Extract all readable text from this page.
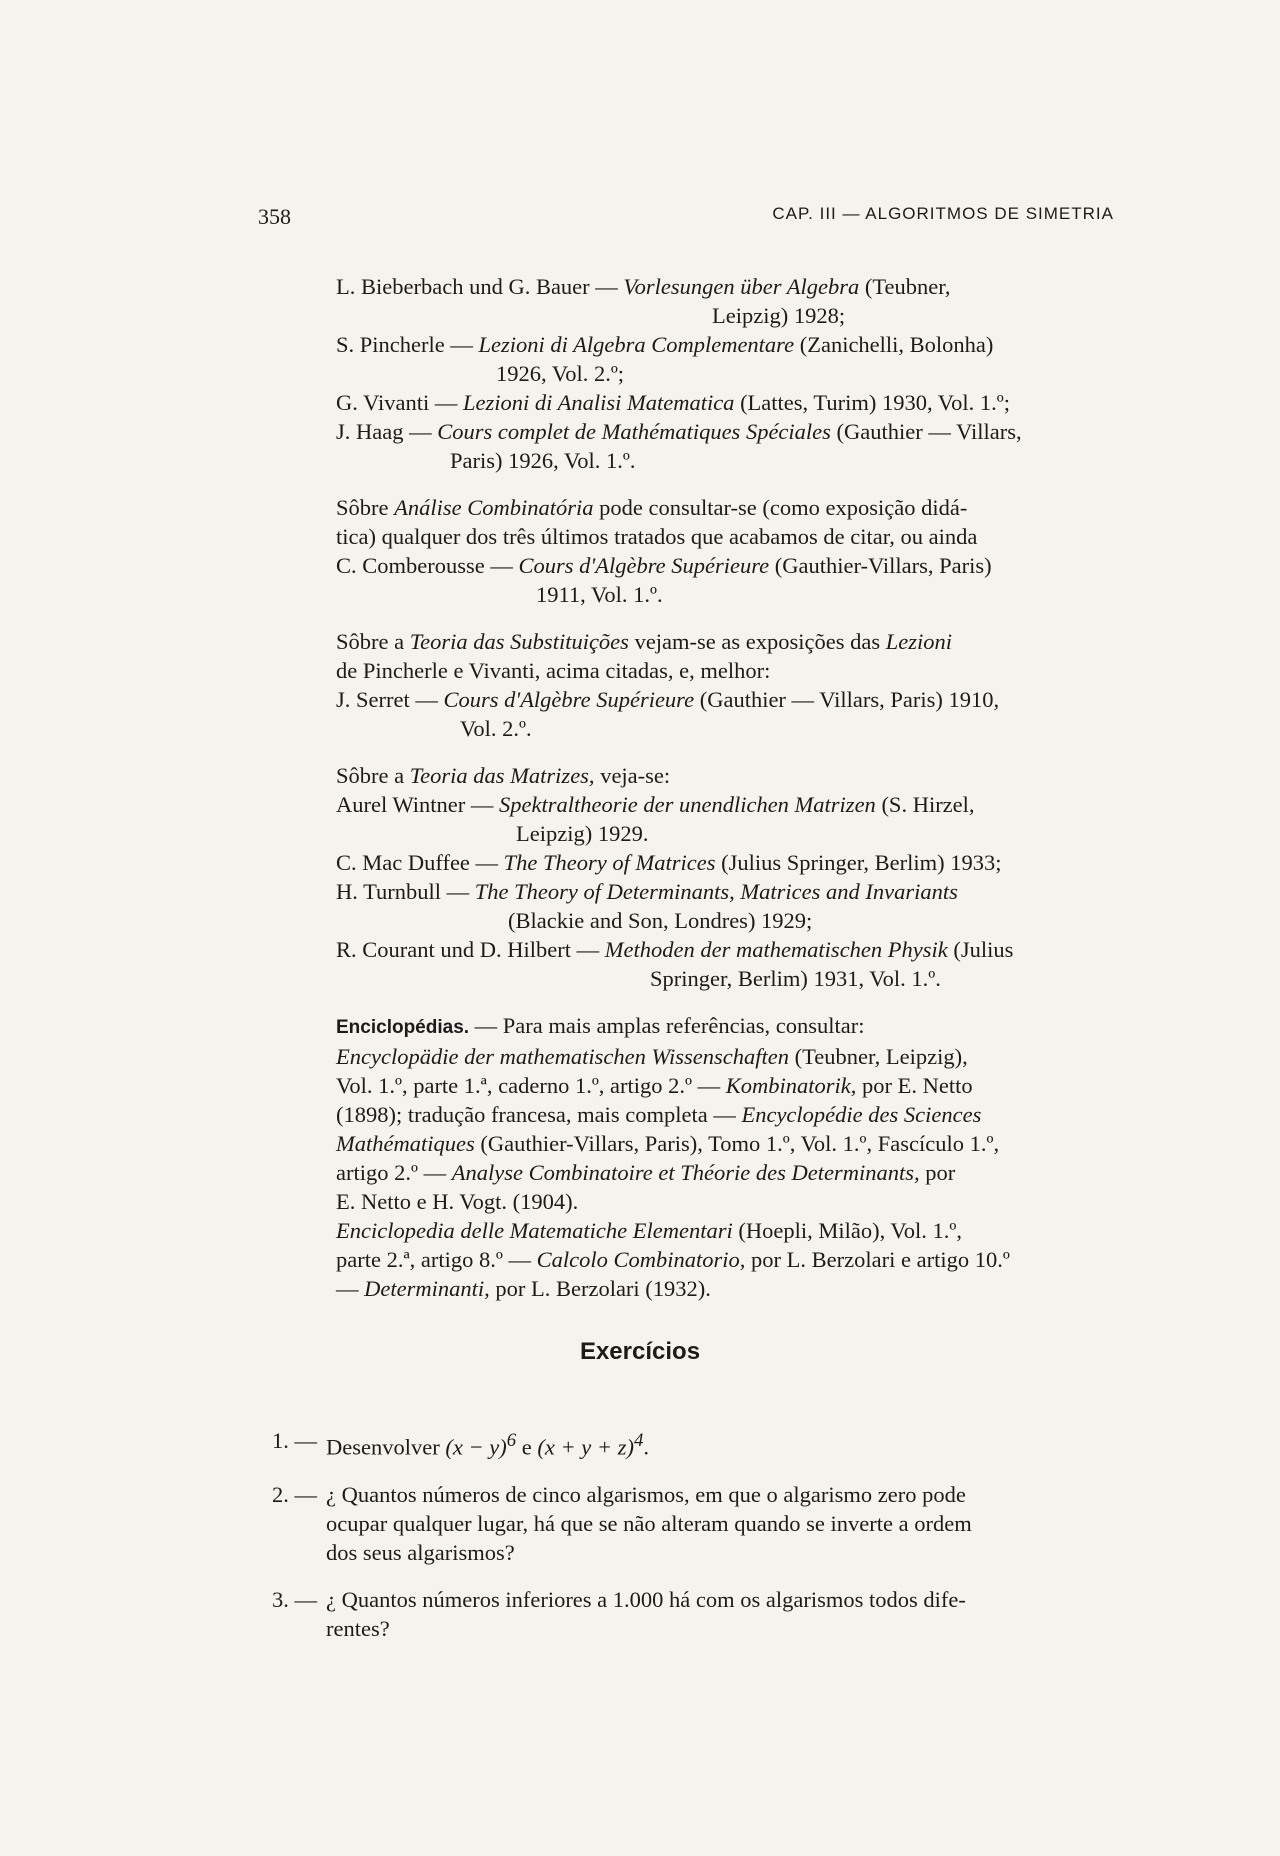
358	CAP. III — ALGORITMOS DE SIMETRIA

L. Bieberbach und G. Bauer — Vorlesungen über Algebra (Teubner,

Leipzig) 1928;

S. Pincherle — Lezioni di Algebra Complementare (Zanichelli, Bolonha)

1926, Vol. 2.º;

G. Vivanti — Lezioni di Analisi Matematica (Lattes, Turim) 1930, Vol. 1.º;

J. Haag — Cours complet de Mathématiques Spéciales (Gauthier — Villars,

Paris) 1926, Vol. 1.º.

Sôbre Análise Combinatória pode consultar-se (como exposição didá-

tica) qualquer dos três últimos tratados que acabamos de citar, ou ainda

C. Comberousse — Cours d'Algèbre Supérieure (Gauthier-Villars, Paris)

1911, Vol. 1.º.

Sôbre a Teoria das Substituições vejam-se as exposições das Lezioni

de Pincherle e Vivanti, acima citadas, e, melhor:

J. Serret — Cours d'Algèbre Supérieure (Gauthier — Villars, Paris) 1910,

Vol. 2.º.

Sôbre a Teoria das Matrizes, veja-se:

Aurel Wintner — Spektraltheorie der unendlichen Matrizen (S. Hirzel,

Leipzig) 1929.

C. Mac Duffee — The Theory of Matrices (Julius Springer, Berlim) 1933;

H. Turnbull — The Theory of Determinants, Matrices and Invariants

(Blackie and Son, Londres) 1929;

R. Courant und D. Hilbert — Methoden der mathematischen Physik (Julius

Springer, Berlim) 1931, Vol. 1.º.

Enciclopédias. — Para mais amplas referências, consultar:

Encyclopädie der mathematischen Wissenschaften (Teubner, Leipzig),

Vol. 1.º, parte 1.ª, caderno 1.º, artigo 2.º — Kombinatorik, por E. Netto

(1898); tradução francesa, mais completa — Encyclopédie des Sciences

Mathématiques (Gauthier-Villars, Paris), Tomo 1.º, Vol. 1.º, Fascículo 1.º,

artigo 2.º — Analyse Combinatoire et Théorie des Determinants, por

E. Netto e H. Vogt. (1904).

Enciclopedia delle Matematiche Elementari (Hoepli, Milão), Vol. 1.º,

parte 2.ª, artigo 8.º — Calcolo Combinatorio, por L. Berzolari e artigo 10.º

— Determinanti, por L. Berzolari (1932).

Exercícios
1. — Desenvolver $(x - y)^6$ e $(x + y + z)^4$.

2. — ¿ Quantos números de cinco algarismos, em que o algarismo zero pode

ocupar qualquer lugar, há que se não alteram quando se inverte a ordem

dos seus algarismos?

3. — ¿ Quantos números inferiores a 1.000 há com os algarismos todos dife-

rentes?
